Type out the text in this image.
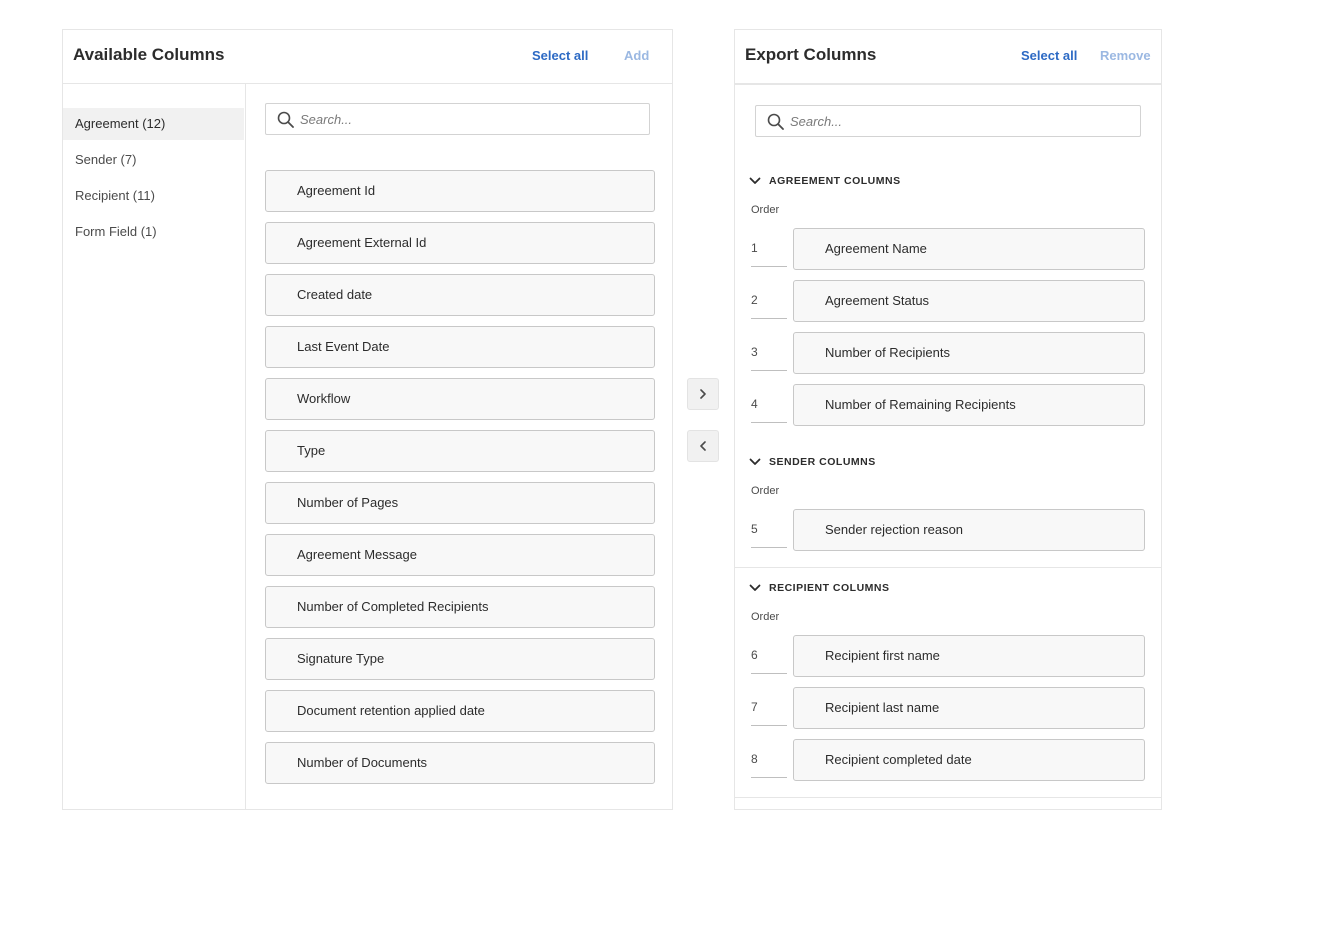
Available Columns	Select all	Add
Agreement (12)
Sender (7)
Recipient (11)
Form Field (1)
Search...
Agreement Id
Agreement External Id
Created date
Last Event Date
Workflow
Type
Number of Pages
Agreement Message
Number of Completed Recipients
Signature Type
Document retention applied date
Number of Documents
Export Columns	Select all Remove
Search...
AGREEMENT COLUMNS
Order
1	Agreement Name
2	Agreement Status
3	Number of Recipients
4	Number of Remaining Recipients
SENDER COLUMNS
Order
5	Sender rejection reason
RECIPIENT COLUMNS
Order
6	Recipient first name
7	Recipient last name
8	Recipient completed date
